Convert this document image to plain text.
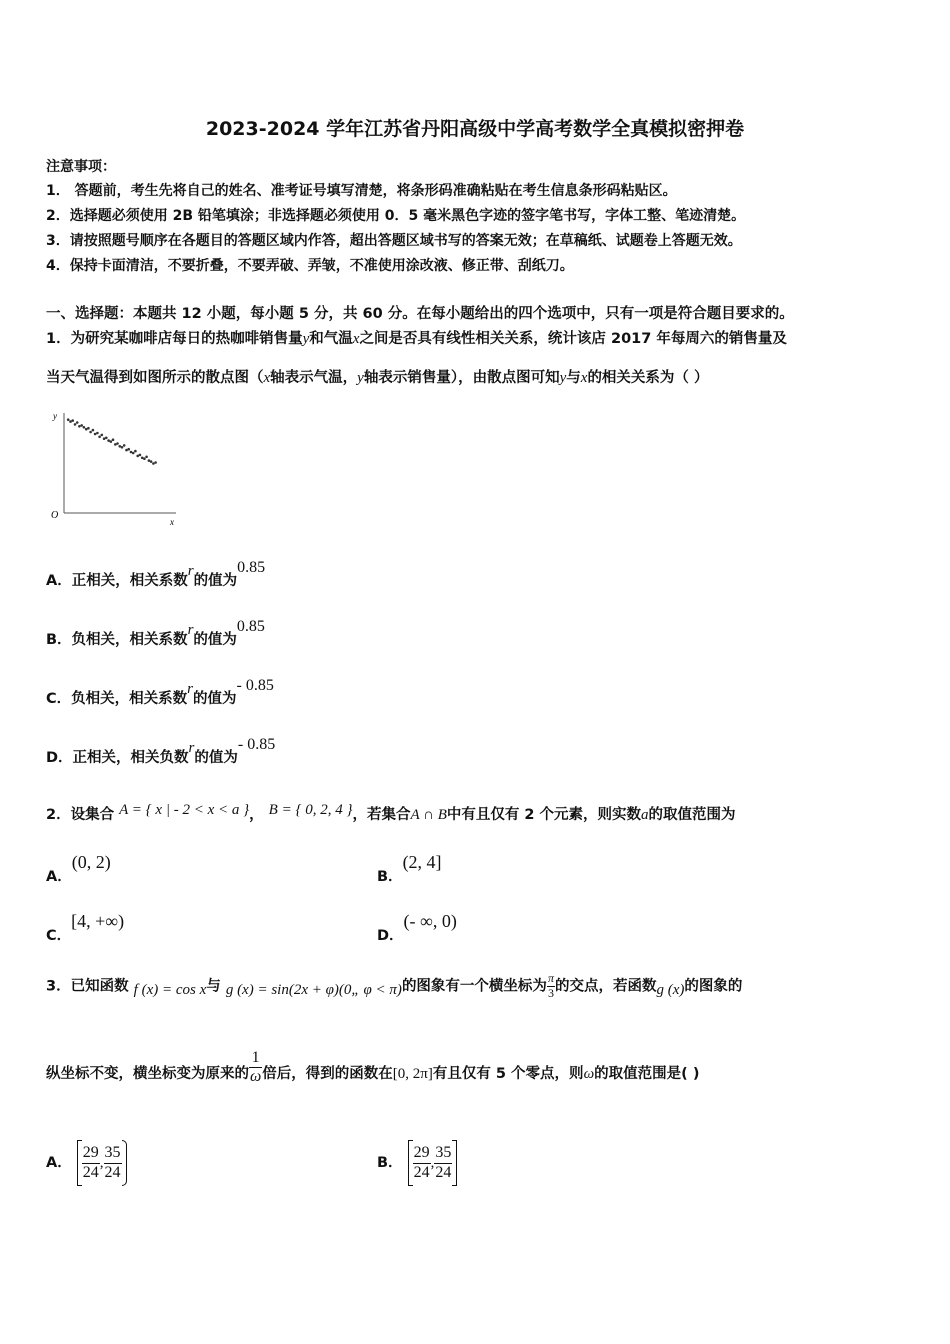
2023-2024 学年江苏省丹阳高级中学高考数学全真模拟密押卷
注意事项：
1． 答题前，考生先将自己的姓名、准考证号填写清楚，将条形码准确粘贴在考生信息条形码粘贴区。
2．选择题必须使用 2B 铅笔填涂；非选择题必须使用 0．5 毫米黑色字迹的签字笔书写，字体工整、笔迹清楚。
3．请按照题号顺序在各题目的答题区域内作答，超出答题区域书写的答案无效；在草稿纸、试题卷上答题无效。
4．保持卡面清洁，不要折叠，不要弄破、弄皱，不准使用涂改液、修正带、刮纸刀。
一、选择题：本题共 12 小题，每小题 5 分，共 60 分。在每小题给出的四个选项中，只有一项是符合题目要求的。
1．为研究某咖啡店每日的热咖啡销售量y和气温x之间是否具有线性相关关系，统计该店 2017 年每周六的销售量及
当天气温得到如图所示的散点图（x轴表示气温，y轴表示销售量），由散点图可知y与x的相关关系为（ ）
y
x
O
A．正相关，相关系数r的值为0.85
B．负相关，相关系数r的值为0.85
C．负相关，相关系数r的值为- 0.85
D．正相关，相关负数r的值为- 0.85
2．设集合 A = { x | - 2 < x < a }， B = { 0, 2, 4 }，若集合A ∩ B中有且仅有 2 个元素，则实数a的取值范围为
A．(0, 2)
B．(2, 4]
C．[4, +∞)
D．(- ∞, 0)
3．已知函数 f (x) = cos x与 g (x) = sin(2x + φ)(0„ φ < π)的图象有一个横坐标为 $\frac{\pi}{3}$ 的交点，若函数g (x)的图象的
纵坐标不变，横坐标变为原来的 $\frac{1}{\omega}$ 倍后，得到的函数在[0, 2π]有且仅有 5 个零点，则ω的取值范围是( )
A． $\frac{29}{24}$ , $\frac{35}{24}$	B． $\frac{29}{24}$ , $\frac{35}{24}$
